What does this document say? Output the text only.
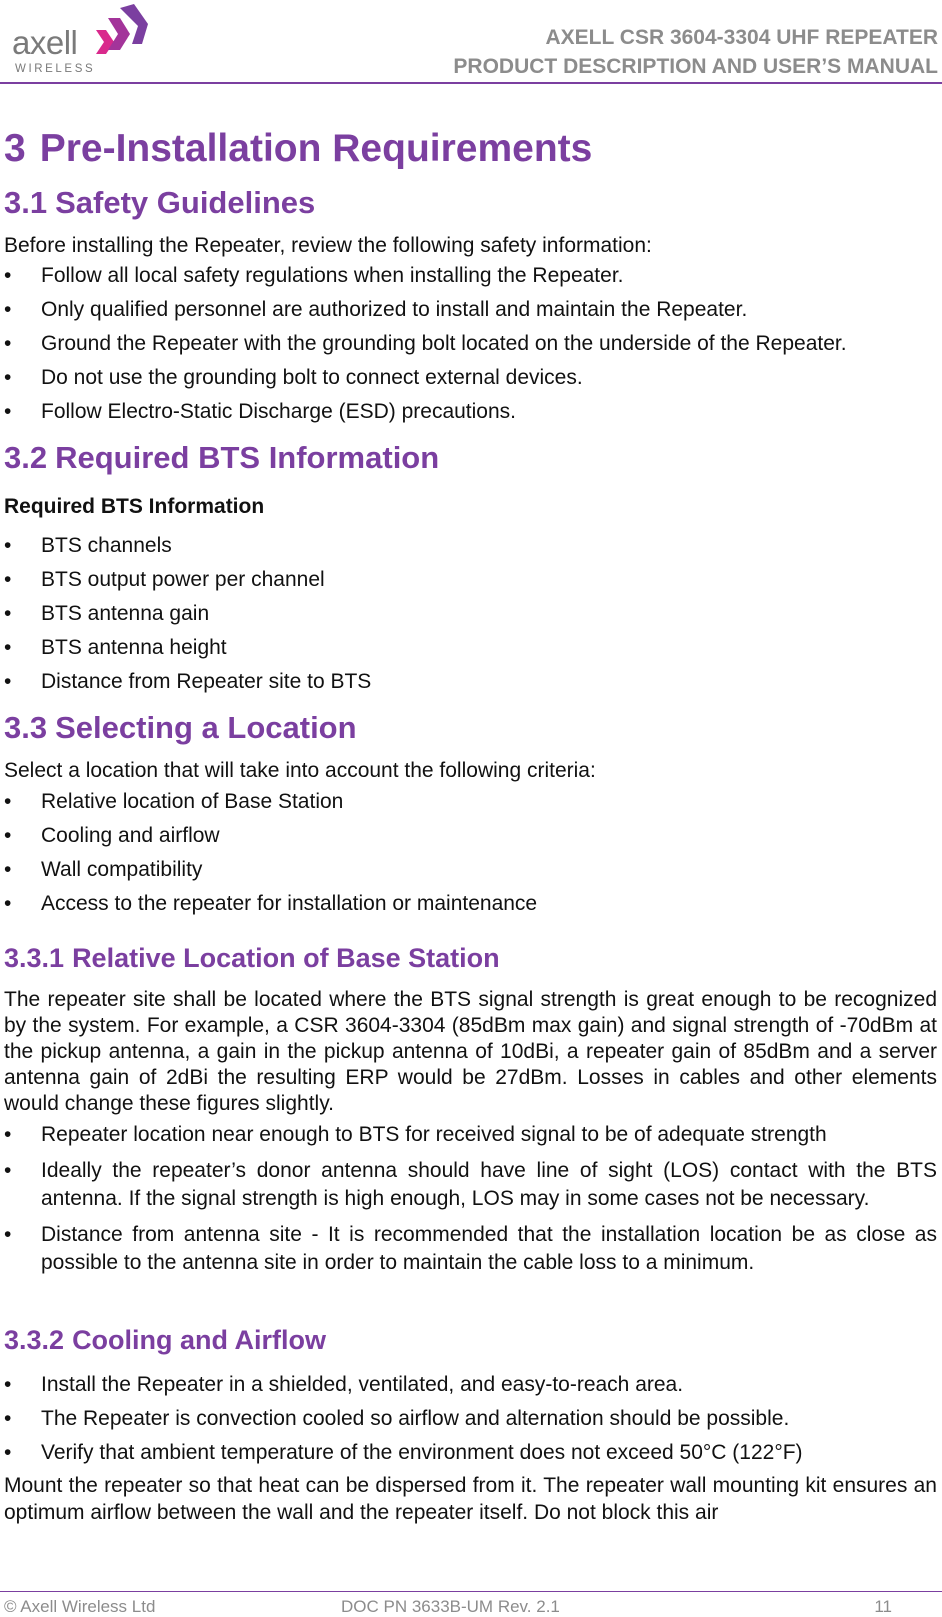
axell
WIRELESS
AXELL CSR 3604-3304 UHF REPEATER
PRODUCT DESCRIPTION AND USER’S MANUAL
3 Pre-Installation Requirements
3.1 Safety Guidelines
Before installing the Repeater, review the following safety information:
• Follow all local safety regulations when installing the Repeater.
• Only qualified personnel are authorized to install and maintain the Repeater.
• Ground the Repeater with the grounding bolt located on the underside of the Repeater.
• Do not use the grounding bolt to connect external devices.
• Follow Electro-Static Discharge (ESD) precautions.
3.2 Required BTS Information
Required BTS Information
• BTS channels
• BTS output power per channel
• BTS antenna gain
• BTS antenna height
• Distance from Repeater site to BTS
3.3 Selecting a Location
Select a location that will take into account the following criteria:
• Relative location of Base Station
• Cooling and airflow
• Wall compatibility
• Access to the repeater for installation or maintenance
3.3.1 Relative Location of Base Station
The repeater site shall be located where the BTS signal strength is great enough to be recognized by the system. For example, a CSR 3604-3304 (85dBm max gain) and signal strength of -70dBm at the pickup antenna, a gain in the pickup antenna of 10dBi, a repeater gain of 85dBm and a server antenna gain of 2dBi the resulting ERP would be 27dBm. Losses in cables and other elements would change these figures slightly.
• Repeater location near enough to BTS for received signal to be of adequate strength
• Ideally the repeater’s donor antenna should have line of sight (LOS) contact with the BTS antenna. If the signal strength is high enough, LOS may in some cases not be necessary.
• Distance from antenna site - It is recommended that the installation location be as close as possible to the antenna site in order to maintain the cable loss to a minimum.
3.3.2 Cooling and Airflow
• Install the Repeater in a shielded, ventilated, and easy-to-reach area.
• The Repeater is convection cooled so airflow and alternation should be possible.
• Verify that ambient temperature of the environment does not exceed 50°C (122°F)
Mount the repeater so that heat can be dispersed from it. The repeater wall mounting kit ensures an optimum airflow between the wall and the repeater itself. Do not block this air
© Axell Wireless Ltd	DOC PN 3633B-UM Rev. 2.1	11
